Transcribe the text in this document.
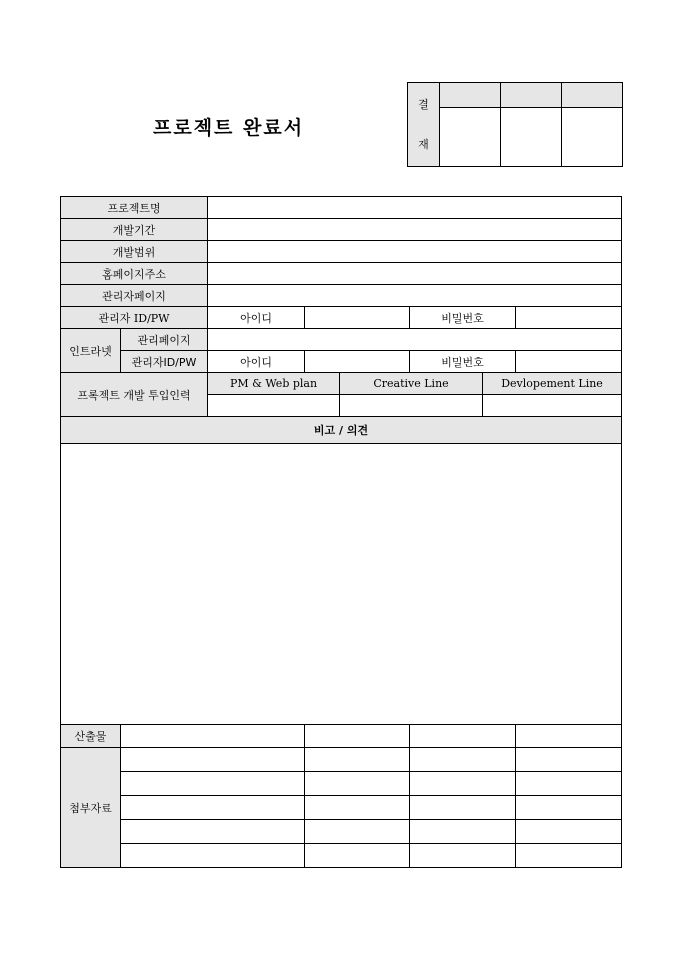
프로젝트 완료서
결
재			

프로젝트명							
개발기간							
개발범위							
홈페이지주소							
관리자페이지							
관리자 ID/PW		아이디			비밀번호		
인트라넷	관리페이지						
	관리자ID/PW	아이디			비밀번호		
프록젝트 개발 투입인력		PM & Web plan		Creative Line		Devlopement Line	

비고 / 의견							

산출물							
첨부자료							
